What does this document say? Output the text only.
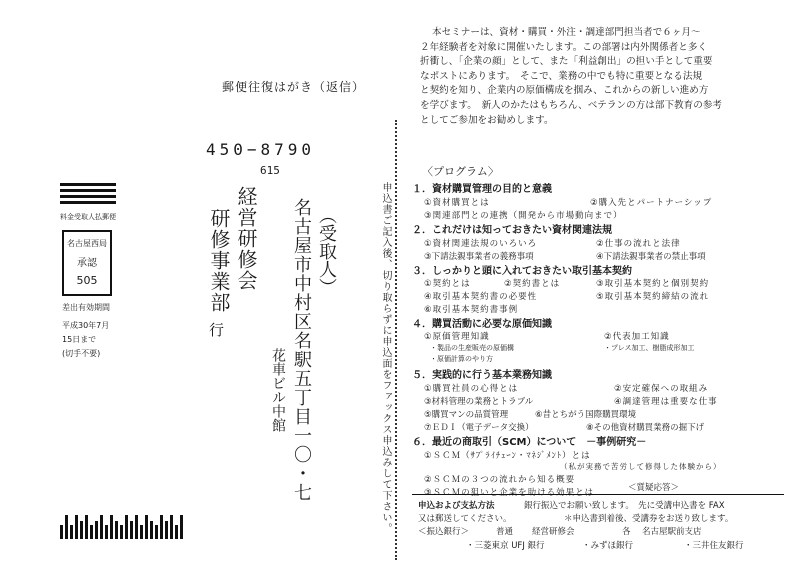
郵便往復はがき（返信）
450−8790
615
料金受取人払郵便
名古屋西局
承認
505
差出有効期間
平成30年7月
15日まで
(切手不要)
経営研修会
研修事業部
行
（受取人）
名古屋市中村区名駅五丁目一〇・七
花車ビル中館	申込書ご記入後、切り取らずに申込面をファックス申込みして下さい。

本セミナーは、資材・購買・外注・調達部門担当者で６ヶ月～

２年経験者を対象に開催いたします。この部署は内外関係者と多く

折衝し、「企業の顔」として、また「利益創出」の担い手として重要

なポストにあります。　そこで、業務の中でも特に重要となる法規

と契約を知り、企業内の原価構成を掴み、これからの新しい進め方

を学びます。　新人のかたはもちろん、ベテランの方は部下教育の参考

としてご参加をお勧めします。

〈プログラム〉
１．資材購買管理の目的と意義
①資材購買とは	②購入先とパートナーシップ
③関連部門との連携（開発から市場動向まで）
２．これだけは知っておきたい資材関連法規
①資材関連法規のいろいろ	②仕事の流れと法律
③下請法親事業者の義務事項	④下請法親事業者の禁止事項
３．しっかりと頭に入れておきたい取引基本契約
①契約とは	②契約書とは	③取引基本契約と個別契約
④取引基本契約書の必要性	⑤取引基本契約締結の流れ
⑥取引基本契約書事例
４．購買活動に必要な原価知識
①原価管理知識	②代表加工知識
・製品の生産販売の原価構	・プレス加工、樹脂成形加工
・原価計算のやり方
５．実践的に行う基本業務知識
①購買社員の心得とは	②安定確保への取組み
③材料管理の業務とトラブル	④調達管理は重要な仕事
⑤購買マンの品質管理	⑥昔とちがう国際購買環境
⑦ＥＤＩ（電子データ交換）	⑧その他資材購買業務の掘下げ
６．最近の商取引（SCM）について　－事例研究－
①ＳＣＭ（ｻﾌﾟﾗｲﾁｪｰﾝ・ﾏﾈｼﾞﾒﾝﾄ）とは
（私が実務で苦労して修得した体験から）
②ＳＣＭの３つの流れから知る概要
③ＳＣＭの狙いと企業を助ける効果とは	＜質疑応答＞
申込および支払方法	銀行振込でお願い致します。　先に受講申込書を FAX
又は郵送してください。	＊申込書到着後、受講券をお送り致します。
＜振込銀行＞	普通 経営研修会	各 名古屋駅前支店
・三菱東京 UFJ 銀行	・みずほ銀行	・三井住友銀行
